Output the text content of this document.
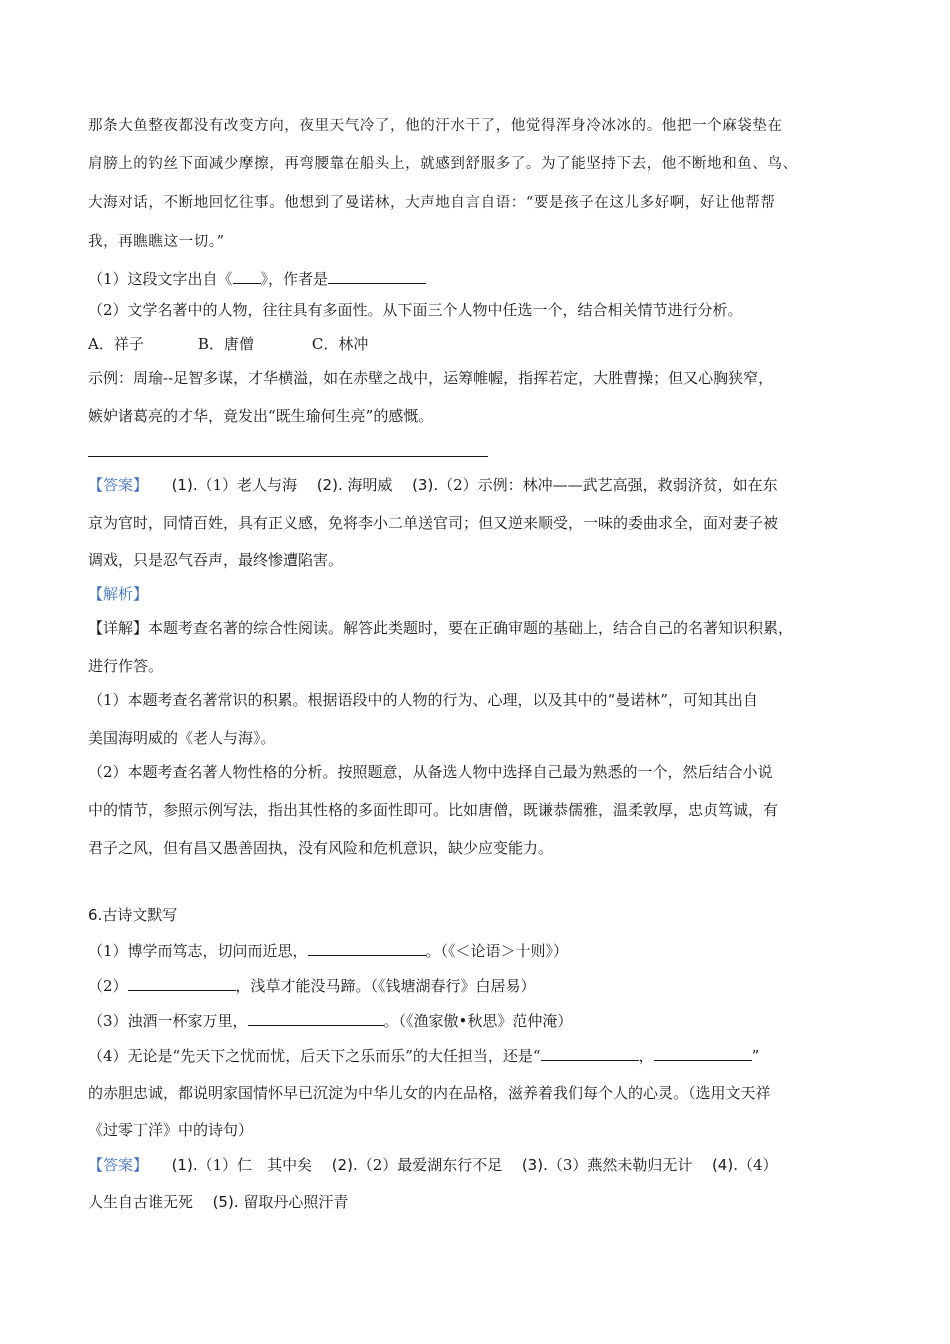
那条大鱼整夜都没有改变方向，夜里天气冷了，他的汗水干了，他觉得浑身冷冰冰的。他把一个麻袋垫在
肩膀上的钓丝下面减少摩擦，再弯腰靠在船头上，就感到舒服多了。为了能坚持下去，他不断地和鱼、鸟、
大海对话，不断地回忆往事。他想到了曼诺林，大声地自言自语：“要是孩子在这儿多好啊，好让他帮帮
我，再瞧瞧这一切。”
（1）这段文字出自《 》，作者是
（2）文学名著中的人物，往往具有多面性。从下面三个人物中任选一个，结合相关情节进行分析。
A．祥子	B．唐僧	C．林冲
示例：周瑜--足智多谋，才华横溢，如在赤壁之战中，运筹帷幄，指挥若定，大胜曹操；但又心胸狭窄，
嫉妒诸葛亮的才华，竟发出“既生瑜何生亮”的感慨。
【答案】 (1).（1）老人与海 (2). 海明威 (3).（2）示例：林冲——武艺高强，救弱济贫，如在东
京为官时，同情百姓，具有正义感，免将李小二单送官司；但又逆来顺受，一味的委曲求全，面对妻子被
调戏，只是忍气吞声，最终惨遭陷害。
【解析】
【详解】本题考查名著的综合性阅读。解答此类题时，要在正确审题的基础上，结合自己的名著知识积累，
进行作答。
（1）本题考查名著常识的积累。根据语段中的人物的行为、心理，以及其中的“曼诺林”，可知其出自
美国海明威的《老人与海》。
（2）本题考查名著人物性格的分析。按照题意，从备选人物中选择自己最为熟悉的一个，然后结合小说
中的情节，参照示例写法，指出其性格的多面性即可。比如唐僧，既谦恭儒雅，温柔敦厚，忠贞笃诚，有
君子之风，但有昌又愚善固执，没有风险和危机意识，缺少应变能力。
6.古诗文默写
（1）博学而笃志，切问而近思，	。（《＜论语＞十则》）
（2）	，浅草才能没马蹄。（《钱塘湖春行》白居易）
（3）浊酒一杯家万里，	。（《渔家傲•秋思》范仲淹）
（4）无论是“先天下之忧而忧，后天下之乐而乐”的大任担当，还是“	，	”
的赤胆忠诚，都说明家国情怀早已沉淀为中华儿女的内在品格，滋养着我们每个人的心灵。（选用文天祥
《过零丁洋》中的诗句）
【答案】 (1).（1）仁　其中矣 (2).（2）最爱湖东行不足 (3).（3）燕然未勒归无计 (4).（4）
人生自古谁无死 (5). 留取丹心照汗青
